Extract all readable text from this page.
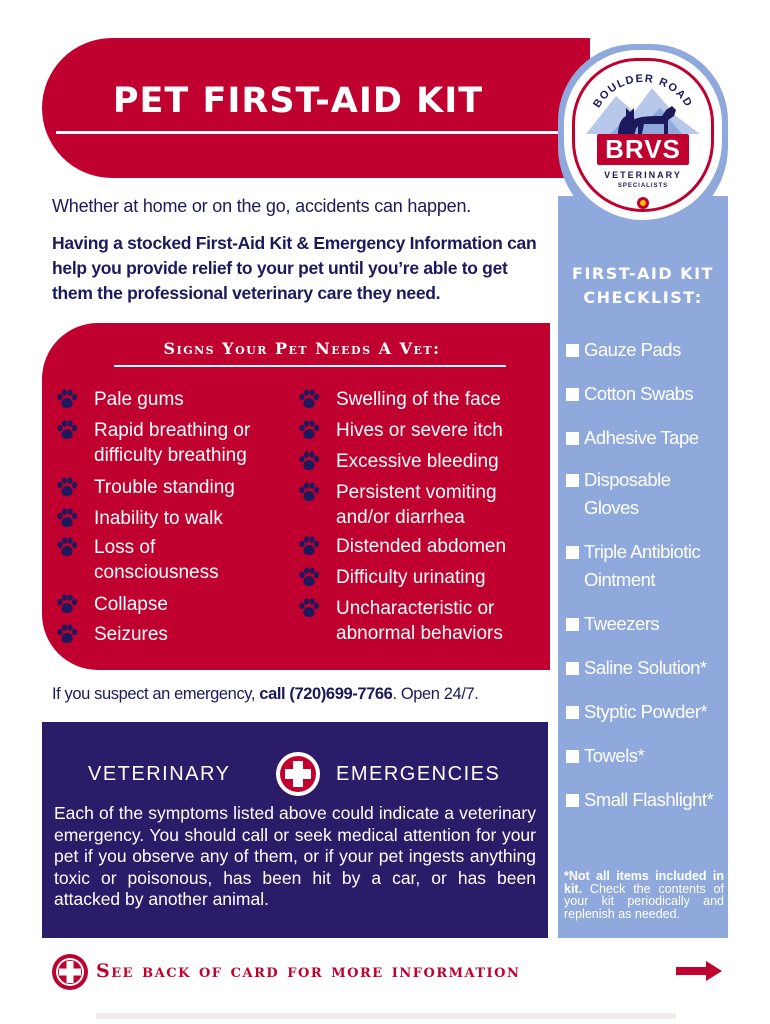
PET FIRST-AID KIT
FIRST-AID KIT
CHECKLIST:
Gauze Pads
Cotton Swabs
Adhesive Tape
Disposable Gloves
Triple Antibiotic Ointment
Tweezers
Saline Solution*
Styptic Powder*
Towels*
Small Flashlight*
*Not all items included in kit. Check the contents of your kit periodically and replenish as needed.
BOULDER ROAD
BRVS
VETERINARY
SPECIALISTS
Whether at home or on the go, accidents can happen.
Having a stocked First-Aid Kit & Emergency Information can help you provide relief to your pet until you’re able to get them the professional veterinary care they need.
Signs Your Pet Needs A Vet:
Pale gums
Rapid breathing or difficulty breathing
Trouble standing
Inability to walk
Loss of consciousness
Collapse
Seizures
Swelling of the face
Hives or severe itch
Excessive bleeding
Persistent vomiting and/or diarrhea
Distended abdomen
Difficulty urinating
Uncharacteristic or abnormal behaviors
If you suspect an emergency, call (720)699-7766. Open 24/7.
VETERINARY	EMERGENCIES
Each of the symptoms listed above could indicate a veterinary emergency. You should call or seek medical attention for your pet if you observe any of them, or if your pet ingests anything toxic or poisonous, has been hit by a car, or has been attacked by another animal.
See back of card for more information
